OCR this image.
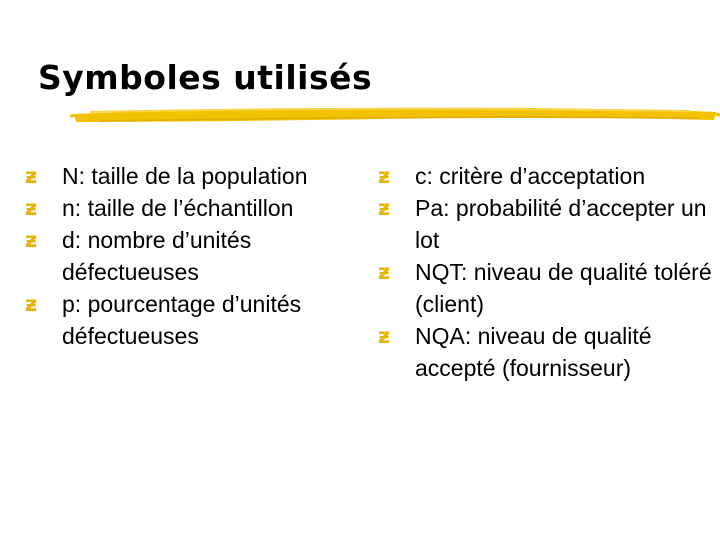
Symboles utilisés
ƶ N: taille de la population
ƶ n: taille de l’échantillon
ƶ d: nombre d’unités défectueuses
ƶ p: pourcentage d’unités défectueuses
ƶ c: critère d’acceptation
ƶ Pa: probabilité d’accepter un lot
ƶ NQT: niveau de qualité toléré (client)
ƶ NQA: niveau de qualité accepté (fournisseur)
